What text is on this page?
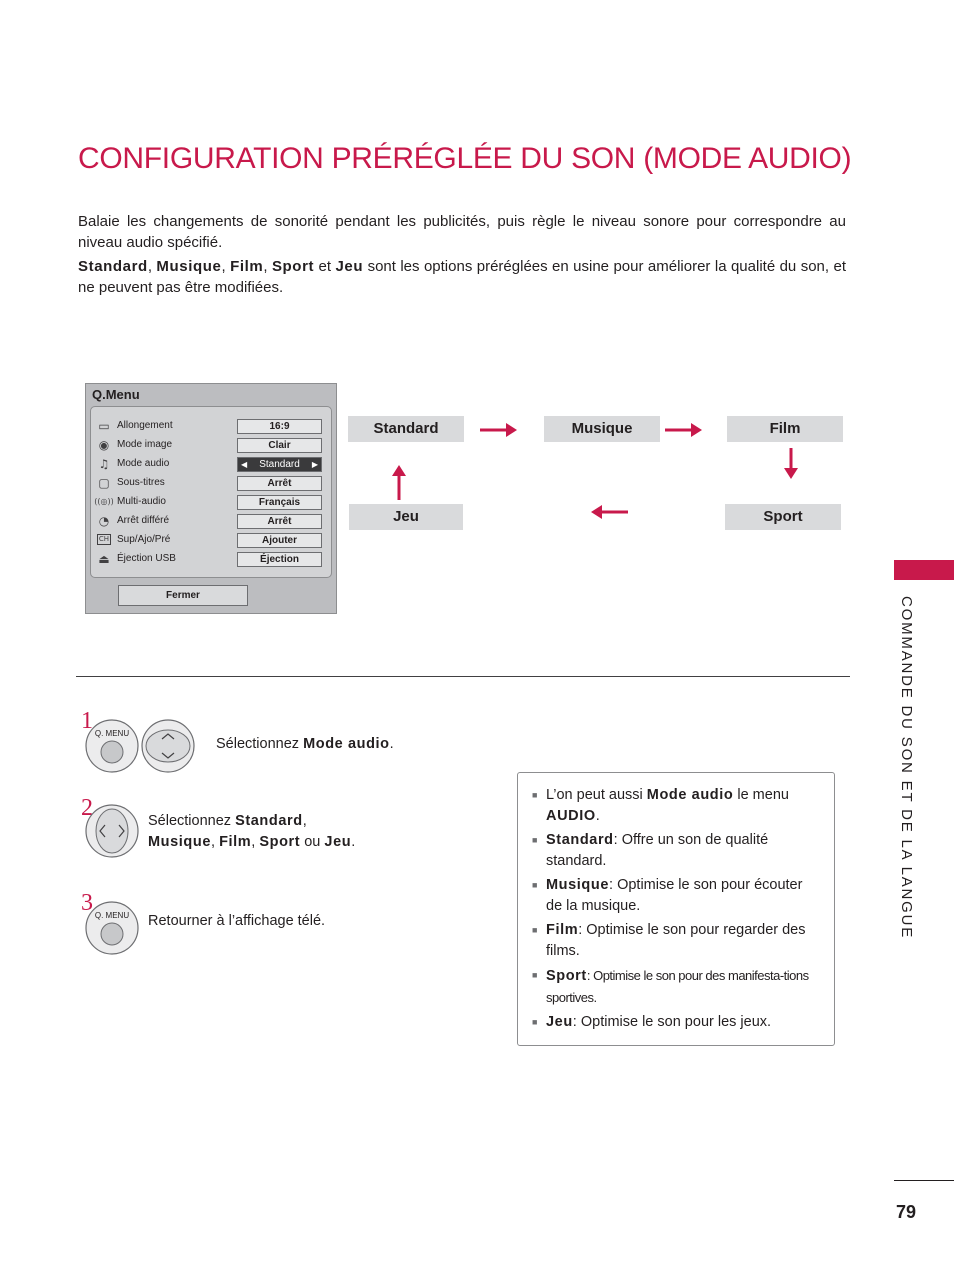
CONFIGURATION PRÉRÉGLÉE DU SON (MODE AUDIO)
Balaie les changements de sonorité pendant les publicités, puis règle le niveau sonore pour correspondre au niveau audio spécifié.
Standard, Musique, Film, Sport et Jeu sont les options préréglées en usine pour améliorer la qualité du son, et ne peuvent pas être modifiées.
Q.Menu
▭ Allongement	16:9
◉ Mode image	Clair
♫ Mode audio	◀ Standard ▶
▢ Sous-titres	Arrêt
((◎)) Multi-audio	Français
◔ Arrêt différé	Arrêt
CH Sup/Ajo/Pré	Ajouter
⏏ Éjection USB	Éjection
Fermer
Standard	Musique	Film
Sport
Jeu
1 Q. MENU
Sélectionnez Mode audio.
2	Sélectionnez Standard,
Musique, Film, Sport ou Jeu.
3 Q. MENU Retourner à l’affichage télé.
■ L’on peut aussi Mode audio le menu AUDIO.
■ Standard: Offre un son de qualité standard.
■ Musique: Optimise le son pour écouter de la musique.
■ Film: Optimise le son pour regarder des films.
■ Sport: Optimise le son pour des manifesta-tions sportives.
■ Jeu: Optimise le son pour les jeux.
COMMANDE DU SON ET DE LA LANGUE
79
